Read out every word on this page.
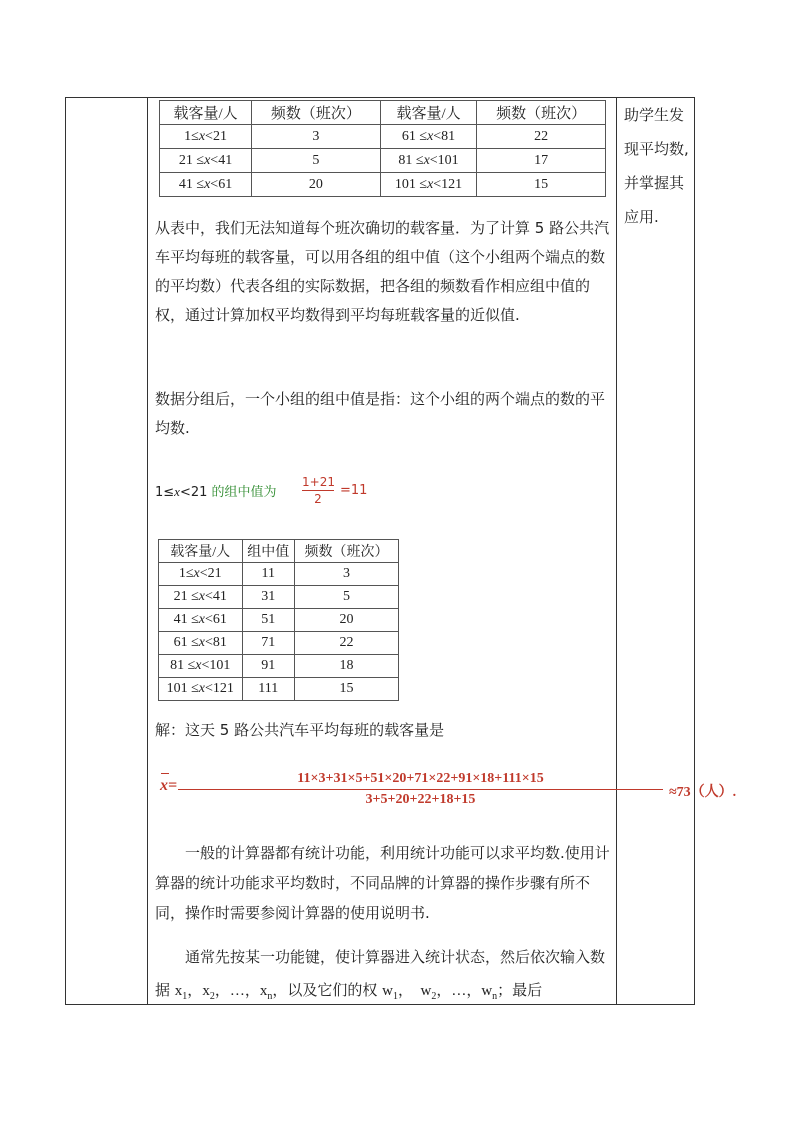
载客量/人	频数（班次）	载客量/人	频数（班次）
1≤x<21	3	61 ≤x<81	22
21 ≤x<41	5	81 ≤x<101	17
41 ≤x<61	20	101 ≤x<121	15
助学生发
现平均数,
并掌握其
应用.

从表中，我们无法知道每个班次确切的载客量．为了计算 5 路公共汽车平均每班的载客量，可以用各组的组中值（这个小组两个端点的数的平均数）代表各组的实际数据，把各组的频数看作相应组中值的权，通过计算加权平均数得到平均每班载客量的近似值.

数据分组后，一个小组的组中值是指：这个小组的两个端点的数的平均数.

1≤x<21 的组中值为 $\frac{1+21}{2} =11$
载客量/人	组中值	频数（班次）
1≤x<21	11	3
21 ≤x<41	31	5
41 ≤x<61	51	20
61 ≤x<81	71	22
81 ≤x<101	91	18
101 ≤x<121	111	15

解：这天 5 路公共汽车平均每班的载客量是

$x= \frac{11\times 3+31\times 5+51\times 20+71\times 22+91\times 18+111\times 15}{3+5+20+22+18+15} \approx 73$（人）.

一般的计算器都有统计功能，利用统计功能可以求平均数.使用计算器的统计功能求平均数时，不同品牌的计算器的操作步骤有所不同，操作时需要参阅计算器的使用说明书.

通常先按某一功能键，使计算器进入统计状态，然后依次输入数据 $x_1$，$x_2$，…，$x_n$，以及它们的权 $w_1$，  $w_2$，…，$w_n$；最后
